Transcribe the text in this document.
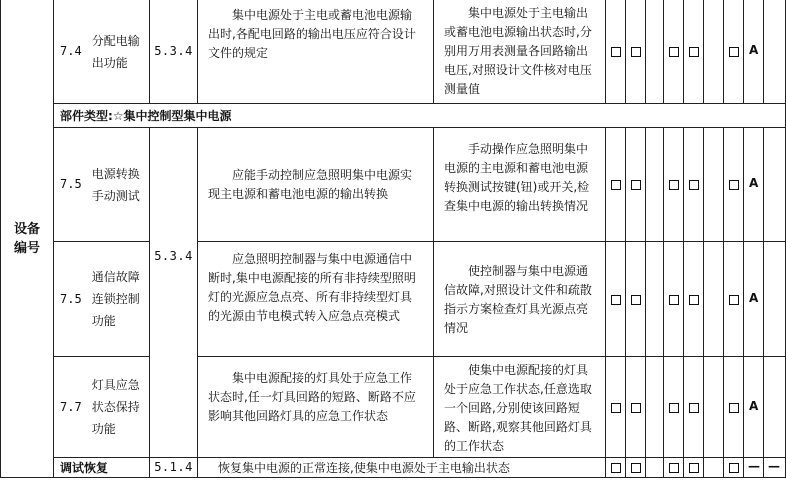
设备
编号
7.4
分配电输
出功能
5.3.4
集中电源处于主电或蓄电池电源输出时,各配电回路的输出电压应符合设计文件的规定
集中电源处于主电输出或蓄电池电源输出状态时,分别用万用表测量各回路输出电压,对照设计文件核对电压测量值
部件类型:☆集中控制型集中电源
7.5
电源转换
手动测试
应能手动控制应急照明集中电源实现主电源和蓄电池电源的输出转换
手动操作应急照明集中电源的主电源和蓄电池电源转换测试按键(钮)或开关,检查集中电源的输出转换情况
5.3.4
7.5
通信故障
连锁控制
功能
应急照明控制器与集中电源通信中断时,集中电源配接的所有非持续型照明灯的光源应急点亮、所有非持续型灯具的光源由节电模式转入应急点亮模式
使控制器与集中电源通信故障,对照设计文件和疏散指示方案检查灯具光源点亮情况
7.7
灯具应急
状态保持
功能
集中电源配接的灯具处于应急工作状态时,任一灯具回路的短路、断路不应影响其他回路灯具的应急工作状态
使集中电源配接的灯具处于应急工作状态,任意选取一个回路,分别使该回路短路、断路,观察其他回路灯具的工作状态
调试恢复	5.1.4	恢复集中电源的正常连接,使集中电源处于主电输出状态
A
A
A
A
— —
